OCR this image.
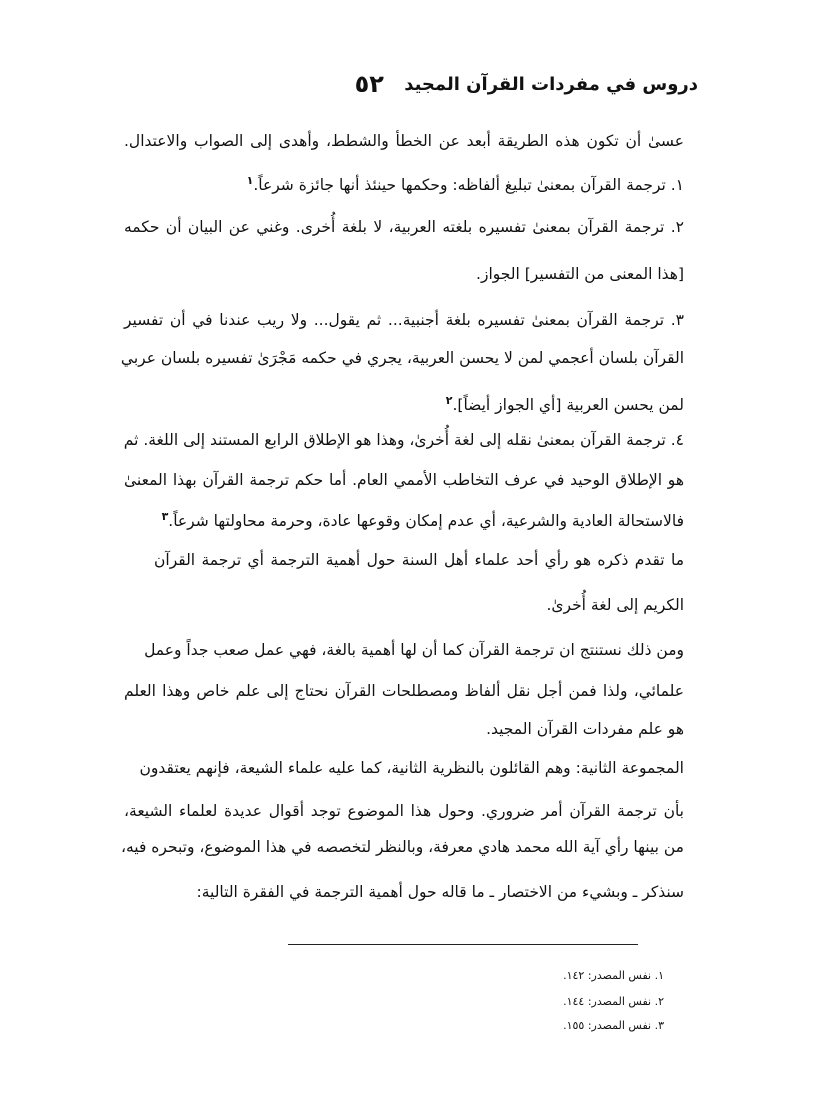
دروس في مفردات القرآن المجيد ٥٢
عسىٰ أن تكون هذه الطريقة أبعد عن الخطأ والشطط، وأهدى إلى الصواب والاعتدال.
١. ترجمة القرآن بمعنىٰ تبليغ ألفاظه: وحكمها حينئذ أنها جائزة شرعاً.$^١$
٢. ترجمة القرآن بمعنىٰ تفسيره بلغته العربية، لا بلغة أُخرى. وغني عن البيان أن حكمه
[هذا المعنى من التفسير] الجواز.
٣. ترجمة القرآن بمعنىٰ تفسيره بلغة أجنبية... ثم يقول... ولا ريب عندنا في أن تفسير
القرآن بلسان أعجمي لمن لا يحسن العربية، يجري في حكمه مَجْرَىٰ تفسيره بلسان عربي
لمن يحسن العربية [أي الجواز أيضاً].$^٢$
٤. ترجمة القرآن بمعنىٰ نقله إلى لغة أُخرىٰ، وهذا هو الإطلاق الرابع المستند إلى اللغة. ثم
هو الإطلاق الوحيد في عرف التخاطب الأممي العام. أما حكم ترجمة القرآن بهذا المعنىٰ
فالاستحالة العادية والشرعية، أي عدم إمكان وقوعها عادة، وحرمة محاولتها شرعاً.$^٣$
ما تقدم ذكره هو رأي أحد علماء أهل السنة حول أهمية الترجمة أي ترجمة القرآن
الكريم إلى لغة أُخرىٰ.
ومن ذلك نستنتج ان ترجمة القرآن كما أن لها أهمية بالغة، فهي عمل صعب جداً وعمل
علمائي، ولذا فمن أجل نقل ألفاظ ومصطلحات القرآن نحتاج إلى علم خاص وهذا العلم
هو علم مفردات القرآن المجيد.
المجموعة الثانية: وهم القائلون بالنظرية الثانية، كما عليه علماء الشيعة، فإنهم يعتقدون
بأن ترجمة القرآن أمر ضروري. وحول هذا الموضوع توجد أقوال عديدة لعلماء الشيعة،
من بينها رأي آية الله محمد هادي معرفة، وبالنظر لتخصصه في هذا الموضوع، وتبحره فيه،
سنذكر ـ وبشيء من الاختصار ـ ما قاله حول أهمية الترجمة في الفقرة التالية:
١. نفس المصدر: ١٤٢.
٢. نفس المصدر: ١٤٤.
٣. نفس المصدر: ١٥٥.
